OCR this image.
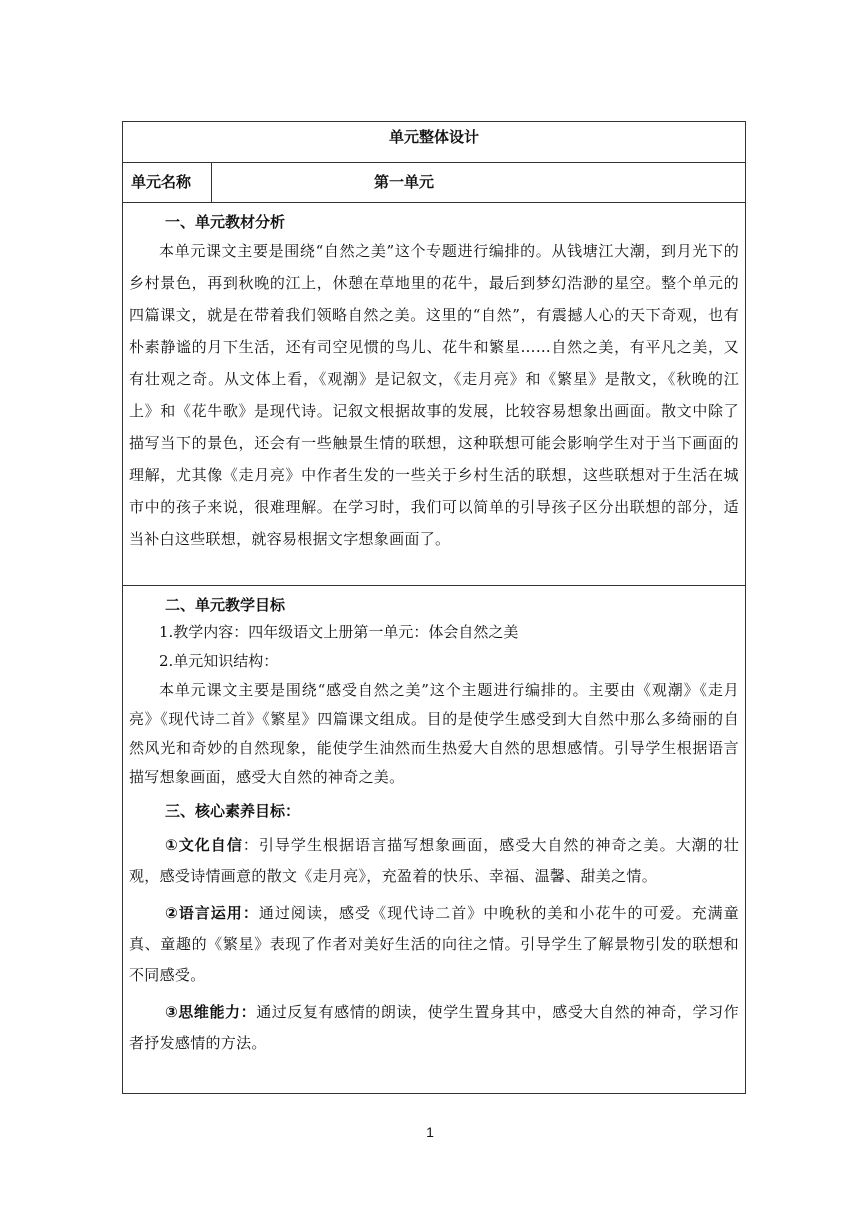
单元整体设计
单元名称	第一单元

一、单元教材分析

本单元课文主要是围绕“自然之美”这个专题进行编排的。从钱塘江大潮，到月光下的乡村景色，再到秋晚的江上，休憩在草地里的花牛，最后到梦幻浩渺的星空。整个单元的四篇课文，就是在带着我们领略自然之美。这里的“自然”，有震撼人心的天下奇观，也有朴素静谧的月下生活，还有司空见惯的鸟儿、花牛和繁星……自然之美，有平凡之美，又有壮观之奇。从文体上看，《观潮》是记叙文，《走月亮》和《繁星》是散文，《秋晚的江上》和《花牛歌》是现代诗。记叙文根据故事的发展，比较容易想象出画面。散文中除了描写当下的景色，还会有一些触景生情的联想，这种联想可能会影响学生对于当下画面的理解，尤其像《走月亮》中作者生发的一些关于乡村生活的联想，这些联想对于生活在城市中的孩子来说，很难理解。在学习时，我们可以简单的引导孩子区分出联想的部分，适当补白这些联想，就容易根据文字想象画面了。

二、单元教学目标

1.教学内容：四年级语文上册第一单元：体会自然之美

2.单元知识结构：

本单元课文主要是围绕“感受自然之美”这个主题进行编排的。主要由《观潮》《走月亮》《现代诗二首》《繁星》四篇课文组成。目的是使学生感受到大自然中那么多绮丽的自然风光和奇妙的自然现象，能使学生油然而生热爱大自然的思想感情。引导学生根据语言描写想象画面，感受大自然的神奇之美。

三、核心素养目标：

①文化自信：引导学生根据语言描写想象画面，感受大自然的神奇之美。大潮的壮观，感受诗情画意的散文《走月亮》，充盈着的快乐、幸福、温馨、甜美之情。

②语言运用：通过阅读，感受《现代诗二首》中晚秋的美和小花牛的可爱。充满童真、童趣的《繁星》表现了作者对美好生活的向往之情。引导学生了解景物引发的联想和不同感受。

③思维能力：通过反复有感情的朗读，使学生置身其中，感受大自然的神奇，学习作者抒发感情的方法。

1
